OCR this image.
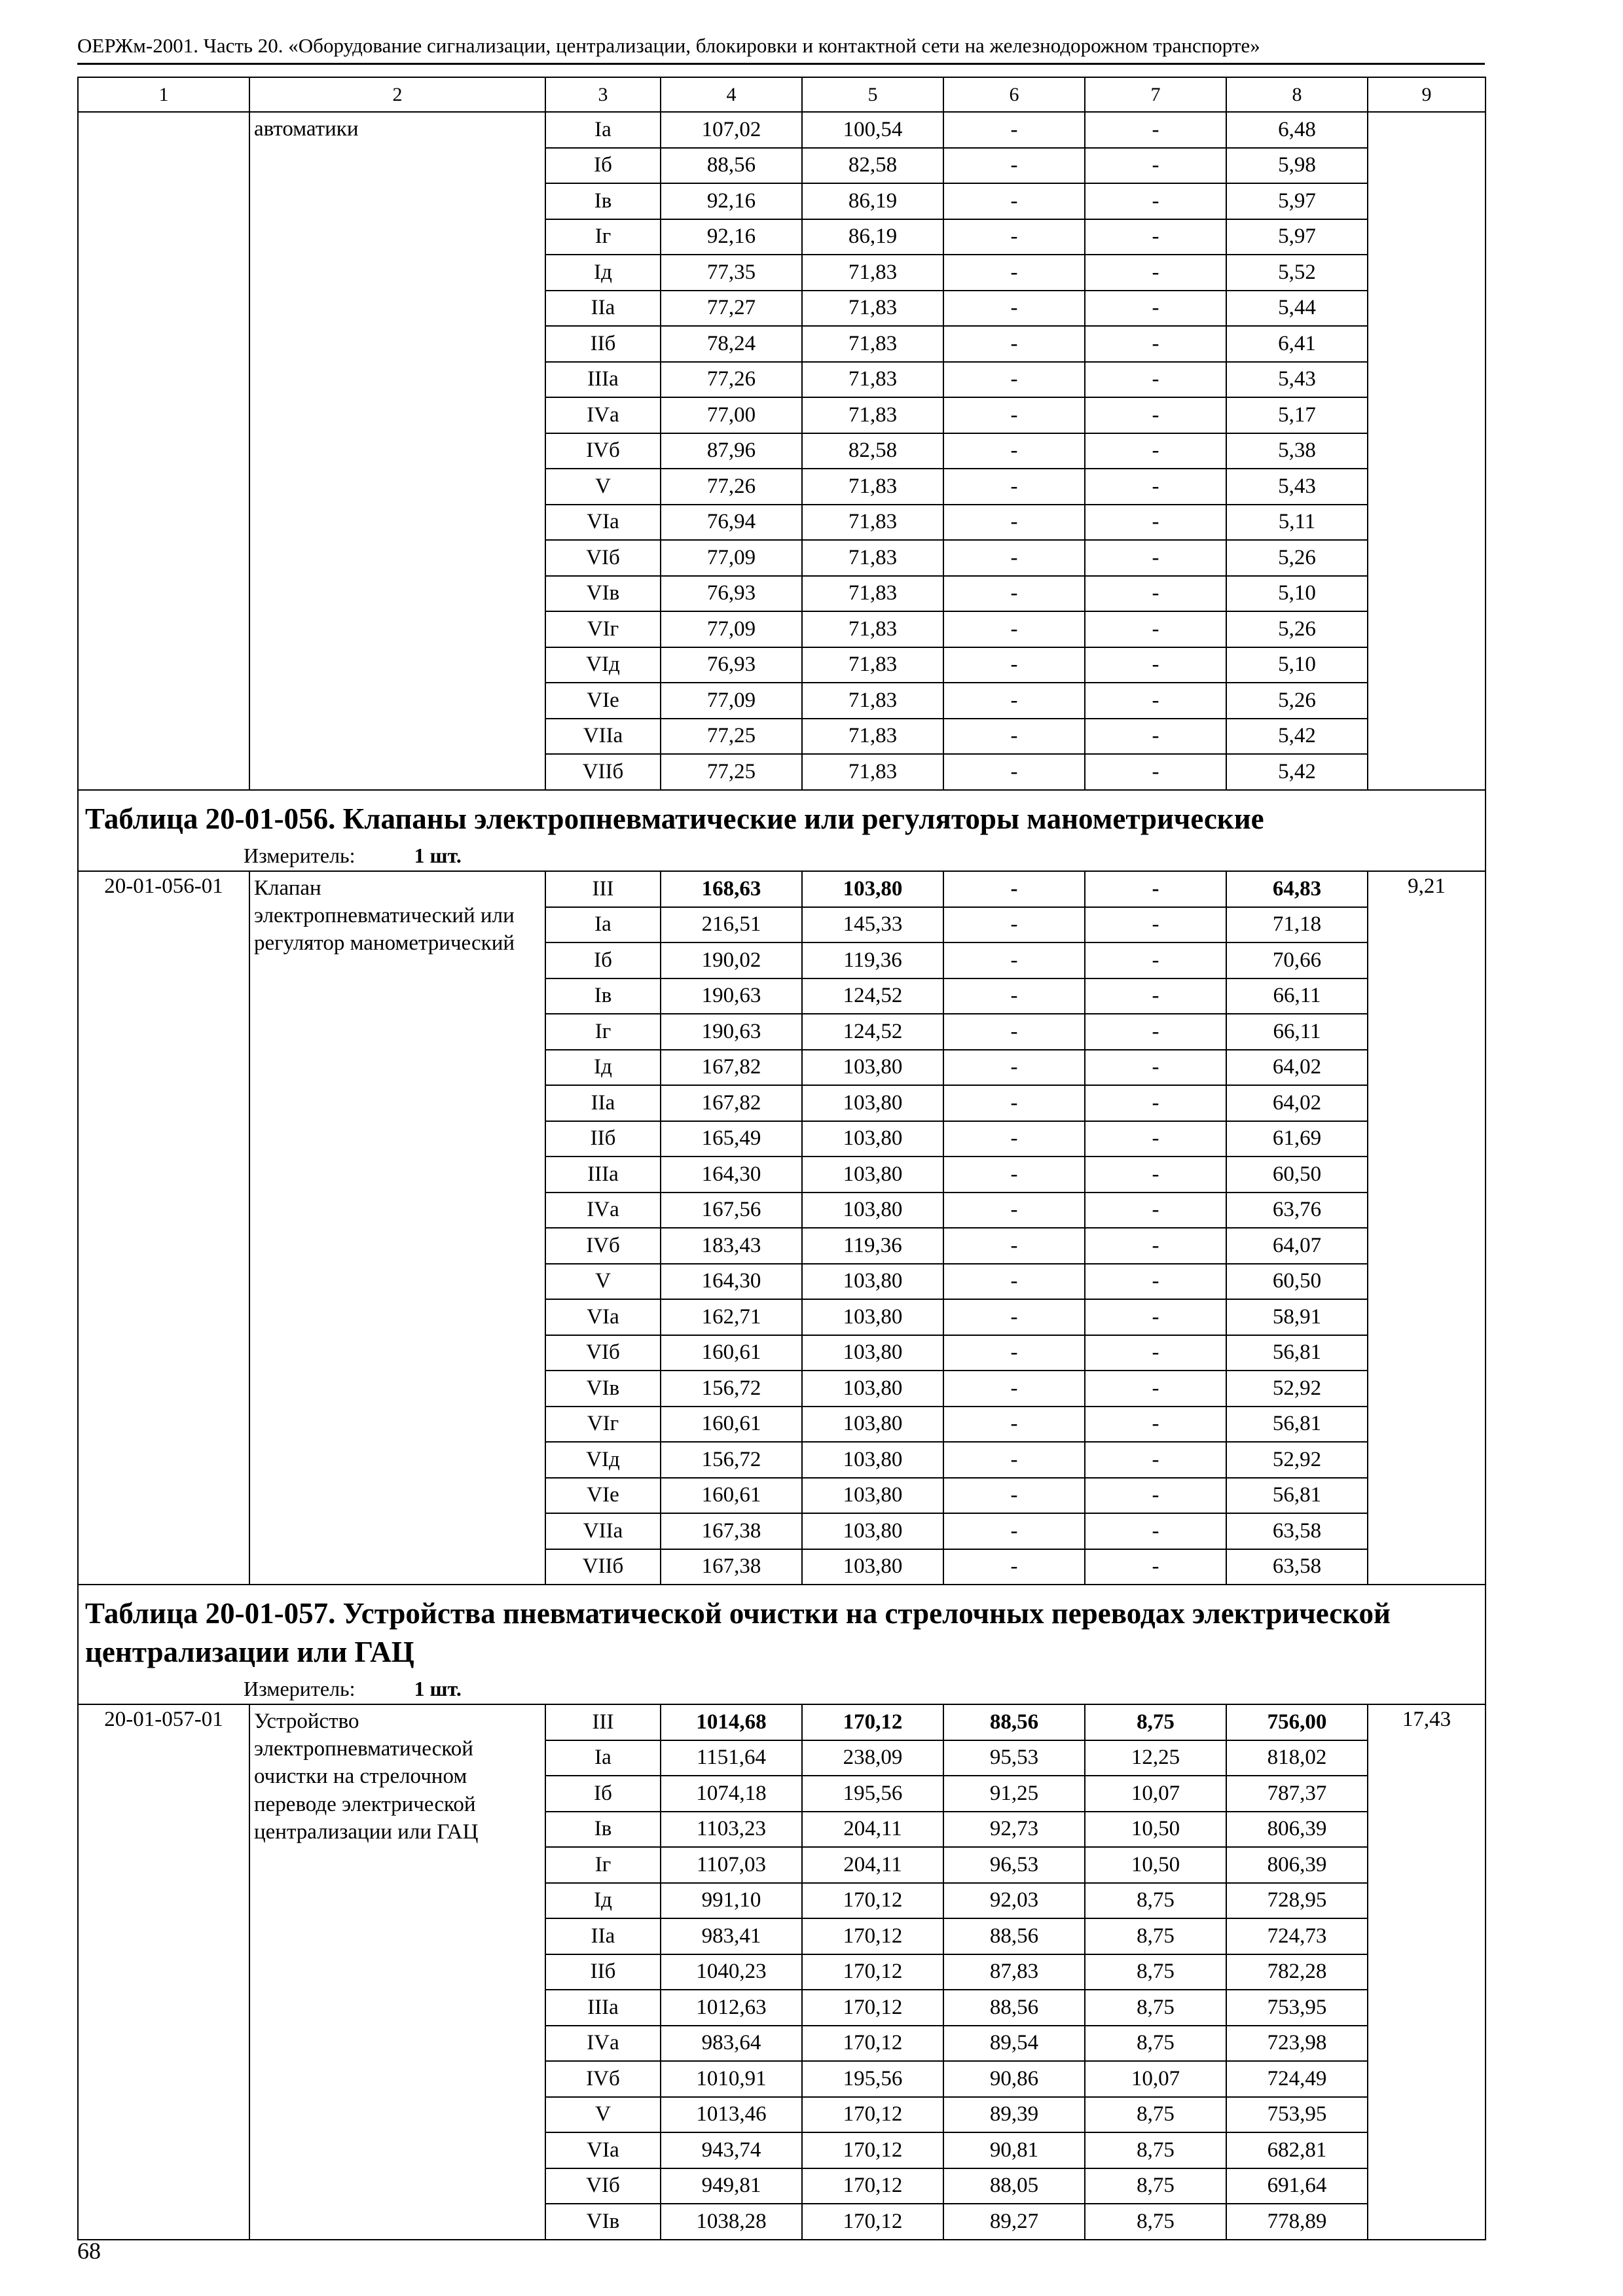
ОЕРЖм-2001. Часть 20. «Оборудование сигнализации, централизации, блокировки и контактной сети на железнодорожном транспорте»
1	2	3	4	5	6	7	8	9
	автоматики	Iа	107,02	100,54	-	-	6,48	
		Iб	88,56	82,58	-	-	5,98	
		Iв	92,16	86,19	-	-	5,97	
		Iг	92,16	86,19	-	-	5,97	
		Iд	77,35	71,83	-	-	5,52	
		IIа	77,27	71,83	-	-	5,44	
		IIб	78,24	71,83	-	-	6,41	
		IIIа	77,26	71,83	-	-	5,43	
		IVа	77,00	71,83	-	-	5,17	
		IVб	87,96	82,58	-	-	5,38	
		V	77,26	71,83	-	-	5,43	
		VIа	76,94	71,83	-	-	5,11	
		VIб	77,09	71,83	-	-	5,26	
		VIв	76,93	71,83	-	-	5,10	
		VIг	77,09	71,83	-	-	5,26	
		VIд	76,93	71,83	-	-	5,10	
		VIе	77,09	71,83	-	-	5,26	
		VIIа	77,25	71,83	-	-	5,42	
		VIIб	77,25	71,83	-	-	5,42	
Таблица 20-01-056. Клапаны электропневматические или регуляторы манометрические								
Измеритель: 1 шт.								
20-01-056-01	Клапан электропневматический или регулятор манометрический	III	168,63	103,80	-	-	64,83	9,21
		Iа	216,51	145,33	-	-	71,18	
		Iб	190,02	119,36	-	-	70,66	
		Iв	190,63	124,52	-	-	66,11	
		Iг	190,63	124,52	-	-	66,11	
		Iд	167,82	103,80	-	-	64,02	
		IIа	167,82	103,80	-	-	64,02	
		IIб	165,49	103,80	-	-	61,69	
		IIIа	164,30	103,80	-	-	60,50	
		IVа	167,56	103,80	-	-	63,76	
		IVб	183,43	119,36	-	-	64,07	
		V	164,30	103,80	-	-	60,50	
		VIа	162,71	103,80	-	-	58,91	
		VIб	160,61	103,80	-	-	56,81	
		VIв	156,72	103,80	-	-	52,92	
		VIг	160,61	103,80	-	-	56,81	
		VIд	156,72	103,80	-	-	52,92	
		VIе	160,61	103,80	-	-	56,81	
		VIIа	167,38	103,80	-	-	63,58	
		VIIб	167,38	103,80	-	-	63,58	
Таблица 20-01-057. Устройства пневматической очистки на стрелочных переводах электрической централизации или ГАЦ								
Измеритель: 1 шт.								
20-01-057-01	Устройство электропневматической очистки на стрелочном переводе электрической централизации или ГАЦ	III	1014,68	170,12	88,56	8,75	756,00	17,43
		Iа	1151,64	238,09	95,53	12,25	818,02	
		Iб	1074,18	195,56	91,25	10,07	787,37	
		Iв	1103,23	204,11	92,73	10,50	806,39	
		Iг	1107,03	204,11	96,53	10,50	806,39	
		Iд	991,10	170,12	92,03	8,75	728,95	
		IIа	983,41	170,12	88,56	8,75	724,73	
		IIб	1040,23	170,12	87,83	8,75	782,28	
		IIIа	1012,63	170,12	88,56	8,75	753,95	
		IVа	983,64	170,12	89,54	8,75	723,98	
		IVб	1010,91	195,56	90,86	10,07	724,49	
		V	1013,46	170,12	89,39	8,75	753,95	
		VIа	943,74	170,12	90,81	8,75	682,81	
		VIб	949,81	170,12	88,05	8,75	691,64	
		VIв	1038,28	170,12	89,27	8,75	778,89	
68
